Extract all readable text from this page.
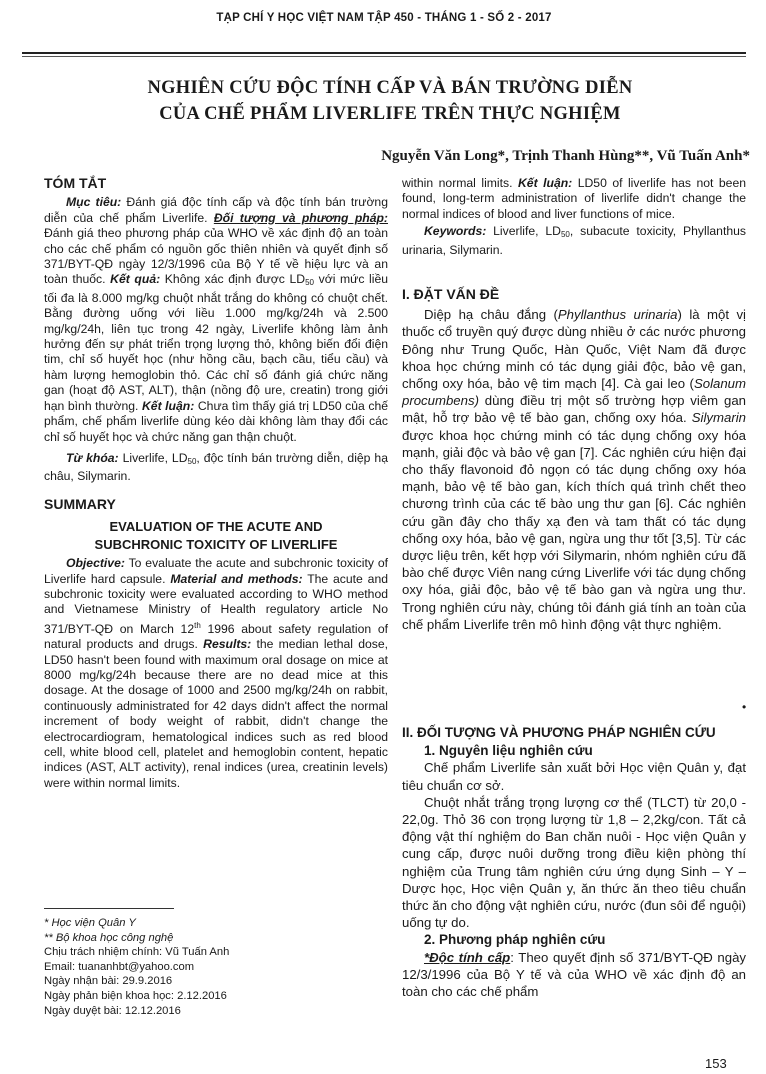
TẠP CHÍ Y HỌC VIỆT NAM TẬP 450 - THÁNG 1 - SỐ 2 - 2017
NGHIÊN CỨU ĐỘC TÍNH CẤP VÀ BÁN TRƯỜNG DIỄN
CỦA CHẾ PHẨM LIVERLIFE TRÊN THỰC NGHIỆM
Nguyễn Văn Long*, Trịnh Thanh Hùng**, Vũ Tuấn Anh*

TÓM TẮT

Mục tiêu: Đánh giá độc tính cấp và độc tính bán trường diễn của chế phẩm Liverlife. Đối tượng và phương pháp: Đánh giá theo phương pháp của WHO về xác định độ an toàn cho các chế phẩm có nguồn gốc thiên nhiên và quyết định số 371/BYT-QĐ ngày 12/3/1996 của Bộ Y tế về hiệu lực và an toàn thuốc. Kết quả: Không xác định được $LD_{50}$ với mức liều tối đa là 8.000 mg/kg chuột nhắt trắng do không có chuột chết. Bằng đường uống với liều 1.000 mg/kg/24h và 2.500 mg/kg/24h, liên tục trong 42 ngày, Liverlife không làm ảnh hưởng đến sự phát triển trọng lượng thỏ, không biến đổi điện tim, chỉ số huyết học (như hồng cầu, bạch cầu, tiểu cầu) và hàm lượng hemoglobin thỏ. Các chỉ số đánh giá chức năng gan (hoạt độ AST, ALT), thận (nồng độ ure, creatin) trong giới hạn bình thường. Kết luận: Chưa tìm thấy giá trị LD50 của chế phẩm, chế phẩm liverlife dùng kéo dài không làm thay đổi các chỉ số huyết học và chức năng gan thận chuột.

Từ khóa: Liverlife, $LD_{50}$, độc tính bán trường diễn, diệp hạ châu, Silymarin.

SUMMARY

EVALUATION OF THE ACUTE AND
SUBCHRONIC TOXICITY OF LIVERLIFE

Objective: To evaluate the acute and subchronic toxicity of Liverlife hard capsule. Material and methods: The acute and subchronic toxicity were evaluated according to WHO method and Vietnamese Ministry of Health regulatory article No 371/BYT-QĐ on March 12th 1996 about safety regulation of natural products and drugs. Results: the median lethal dose, LD50 hasn't been found with maximum oral dosage on mice at 8000 mg/kg/24h because there are no dead mice at this dosage. At the dosage of 1000 and 2500 mg/kg/24h on rabbit, continuously administrated for 42 days didn't affect the normal increment of body weight of rabbit, didn't change the electrocardiogram, hematological indices such as red blood cell, white blood cell, platelet and hemoglobin content, hepatic indices (AST, ALT activity), renal indices (urea, creatinin levels) were within normal limits.

* Học viện Quân Y
** Bộ khoa học công nghệ
Chịu trách nhiệm chính: Vũ Tuấn Anh
Email: tuananhbt@yahoo.com
Ngày nhận bài: 29.9.2016
Ngày phản biện khoa học: 2.12.2016
Ngày duyệt bài: 12.12.2016

within normal limits. Kết luận: LD50 of liverlife has not been found, long-term administration of liverlife didn't change the normal indices of blood and liver functions of mice.

Keywords: Liverlife, $LD_{50}$, subacute toxicity, Phyllanthus urinaria, Silymarin.

I. ĐẶT VẤN ĐỀ

Diệp hạ châu đắng (Phyllanthus urinaria) là một vị thuốc cổ truyền quý được dùng nhiều ở các nước phương Đông như Trung Quốc, Hàn Quốc, Việt Nam đã được khoa học chứng minh có tác dụng giải độc, bảo vệ gan, chống oxy hóa, bảo vệ tim mạch [4]. Cà gai leo (Solanum procumbens) dùng điều trị một số trường hợp viêm gan mật, hỗ trợ bảo vệ tế bào gan, chống oxy hóa. Silymarin được khoa học chứng minh có tác dụng chống oxy hóa mạnh, giải độc và bảo vệ gan [7]. Các nghiên cứu hiện đại cho thấy flavonoid đỏ ngọn có tác dụng chống oxy hóa mạnh, bảo vệ tế bào gan, kích thích quá trình chết theo chương trình của các tế bào ung thư gan [6]. Các nghiên cứu gần đây cho thấy xạ đen và tam thất có tác dụng chống oxy hóa, bảo vệ gan, ngừa ung thư tốt [3,5]. Từ các dược liệu trên, kết hợp với Silymarin, nhóm nghiên cứu đã bào chế được Viên nang cứng Liverlife với tác dụng chống oxy hóa, giải độc, bảo vệ tế bào gan và ngừa ung thư. Trong nghiên cứu này, chúng tôi đánh giá tính an toàn của chế phẩm Liverlife trên mô hình động vật thực nghiệm.

•

II. ĐỐI TƯỢNG VÀ PHƯƠNG PHÁP NGHIÊN CỨU

1. Nguyên liệu nghiên cứu

Chế phẩm Liverlife sản xuất bởi Học viện Quân y, đạt tiêu chuẩn cơ sở.

Chuột nhắt trắng trọng lượng cơ thể (TLCT) từ 20,0 - 22,0g. Thỏ 36 con trọng lượng từ 1,8 – 2,2kg/con. Tất cả động vật thí nghiệm do Ban chăn nuôi - Học viện Quân y cung cấp, được nuôi dưỡng trong điều kiện phòng thí nghiệm của Trung tâm nghiên cứu ứng dụng Sinh – Y – Dược học, Học viện Quân y, ăn thức ăn theo tiêu chuẩn thức ăn cho động vật nghiên cứu, nước (đun sôi để nguội) uống tự do.

2. Phương pháp nghiên cứu

*Độc tính cấp: Theo quyết định số 371/BYT-QĐ ngày 12/3/1996 của Bộ Y tế và của WHO về xác định độ an toàn cho các chế phẩm

153
